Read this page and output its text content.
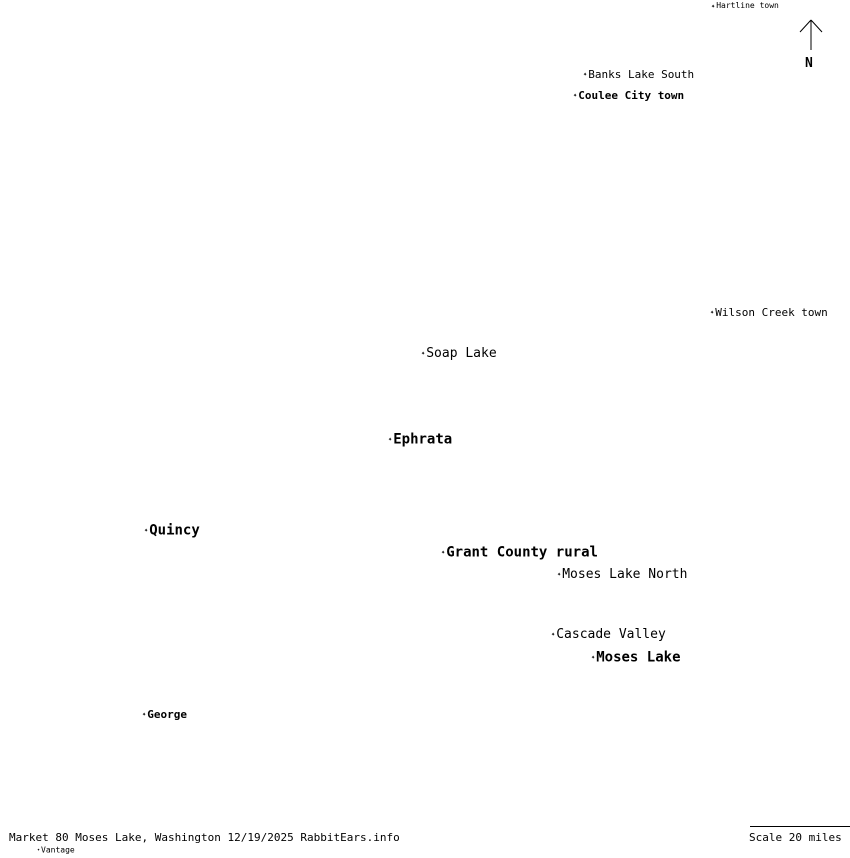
✦Hartline town
✦Banks Lake South
✦Coulee City town
✦Wilson Creek town
✦Soap Lake
✦Ephrata
✦Quincy
✦Grant County rural
✦Moses Lake North
✦Cascade Valley
✦Moses Lake
✦George
✦Vantage
N
Market 80 Moses Lake, Washington 12/19/2025 RabbitEars.info	Scale 20 miles
